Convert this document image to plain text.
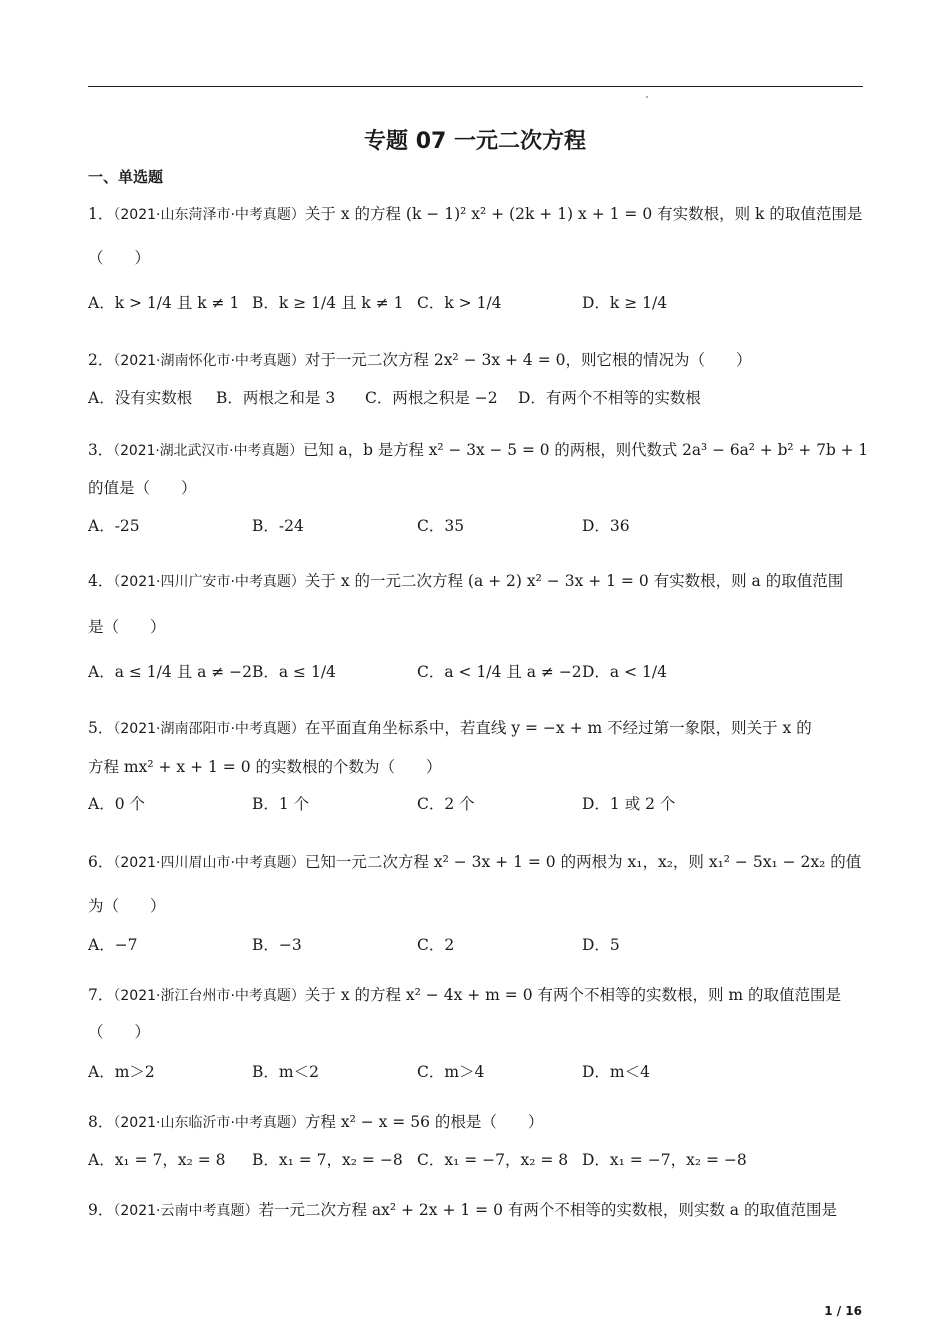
专题 07 一元二次方程
一、单选题
1．（2021·山东菏泽市·中考真题）关于 x 的方程 (k − 1)² x² + (2k + 1) x + 1 = 0 有实数根，则 k 的取值范围是
（　　）
A．k > 1/4 且 k ≠ 1 B．k ≥ 1/4 且 k ≠ 1 C．k > 1/4	D．k ≥ 1/4
2．（2021·湖南怀化市·中考真题）对于一元二次方程 2x² − 3x + 4 = 0，则它根的情况为（　　）
A．没有实数根 B．两根之和是 3 C．两根之积是 −2 D．有两个不相等的实数根
3．（2021·湖北武汉市·中考真题）已知 a，b 是方程 x² − 3x − 5 = 0 的两根，则代数式 2a³ − 6a² + b² + 7b + 1
的值是（　　）
A．-25	B．-24	C．35	D．36
4．（2021·四川广安市·中考真题）关于 x 的一元二次方程 (a + 2) x² − 3x + 1 = 0 有实数根，则 a 的取值范围
是（　　）
A．a ≤ 1/4 且 a ≠ −2 B．a ≤ 1/4	C．a < 1/4 且 a ≠ −2 D．a < 1/4
5．（2021·湖南邵阳市·中考真题）在平面直角坐标系中，若直线 y = −x + m 不经过第一象限，则关于 x 的
方程 mx² + x + 1 = 0 的实数根的个数为（　　）
A．0 个	B．1 个	C．2 个	D．1 或 2 个
6．（2021·四川眉山市·中考真题）已知一元二次方程 x² − 3x + 1 = 0 的两根为 x₁，x₂，则 x₁² − 5x₁ − 2x₂ 的值
为（　　）
A．−7	B．−3	C．2	D．5
7．（2021·浙江台州市·中考真题）关于 x 的方程 x² − 4x + m = 0 有两个不相等的实数根，则 m 的取值范围是
（　　）
A．m＞2	B．m＜2	C．m＞4	D．m＜4
8．（2021·山东临沂市·中考真题）方程 x² − x = 56 的根是（　　）
A．x₁ = 7，x₂ = 8 B．x₁ = 7，x₂ = −8 C．x₁ = −7，x₂ = 8 D．x₁ = −7，x₂ = −8
9．（2021·云南中考真题）若一元二次方程 ax² + 2x + 1 = 0 有两个不相等的实数根，则实数 a 的取值范围是
1 / 16
